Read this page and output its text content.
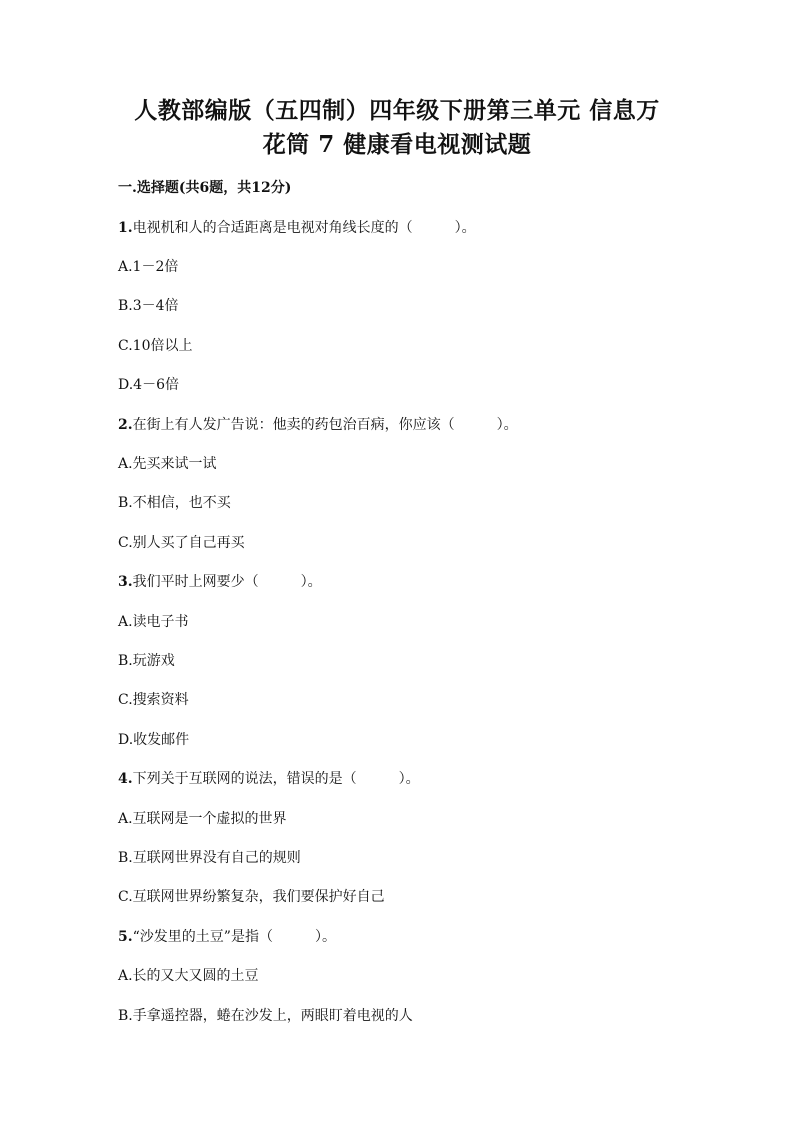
人教部编版（五四制）四年级下册第三单元 信息万
花筒 7 健康看电视测试题
一.选择题(共6题，共12分)
1.电视机和人的合适距离是电视对角线长度的（　　　）。
A.1－2倍
B.3－4倍
C.10倍以上
D.4－6倍
2.在街上有人发广告说：他卖的药包治百病，你应该（　　　）。
A.先买来试一试
B.不相信，也不买
C.别人买了自己再买
3.我们平时上网要少（　　　）。
A.读电子书
B.玩游戏
C.搜索资料
D.收发邮件
4.下列关于互联网的说法，错误的是（　　　）。
A.互联网是一个虚拟的世界
B.互联网世界没有自己的规则
C.互联网世界纷繁复杂，我们要保护好自己
5.“沙发里的土豆”是指（　　　）。
A.长的又大又圆的土豆
B.手拿遥控器，蜷在沙发上，两眼盯着电视的人
